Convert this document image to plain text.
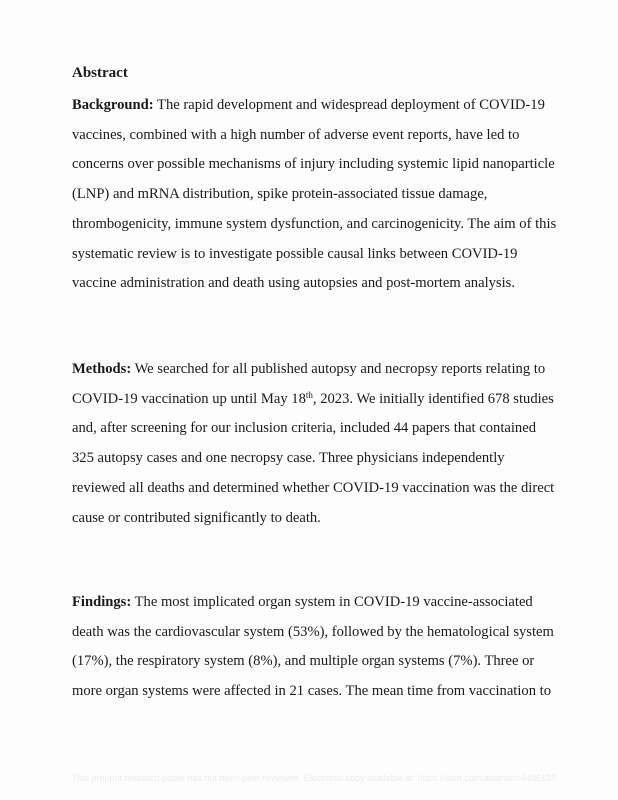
Abstract
Background: The rapid development and widespread deployment of COVID-19
vaccines, combined with a high number of adverse event reports, have led to
concerns over possible mechanisms of injury including systemic lipid nanoparticle
(LNP) and mRNA distribution, spike protein-associated tissue damage,
thrombogenicity, immune system dysfunction, and carcinogenicity. The aim of this
systematic review is to investigate possible causal links between COVID-19
vaccine administration and death using autopsies and post-mortem analysis.
Methods: We searched for all published autopsy and necropsy reports relating to
COVID-19 vaccination up until May 18th, 2023. We initially identified 678 studies
and, after screening for our inclusion criteria, included 44 papers that contained
325 autopsy cases and one necropsy case. Three physicians independently
reviewed all deaths and determined whether COVID-19 vaccination was the direct
cause or contributed significantly to death.
Findings: The most implicated organ system in COVID-19 vaccine-associated
death was the cardiovascular system (53%), followed by the hematological system
(17%), the respiratory system (8%), and multiple organ systems (7%). Three or
more organ systems were affected in 21 cases. The mean time from vaccination to
This preprint research paper has not been peer reviewed. Electronic copy available at: https://ssrn.com/abstract=4496137
